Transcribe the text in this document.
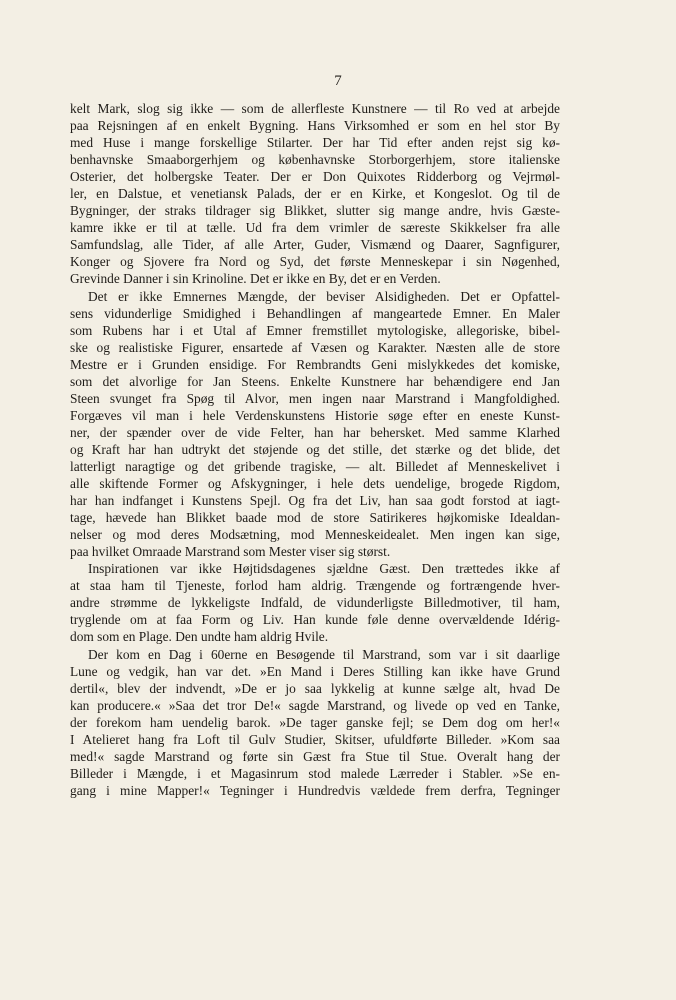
7
kelt Mark, slog sig ikke — som de allerfleste Kunstnere — til Ro ved at arbejde
paa Rejsningen af en enkelt Bygning. Hans Virksomhed er som en hel stor By
med Huse i mange forskellige Stilarter. Der har Tid efter anden rejst sig kø-
benhavnske Smaaborgerhjem og københavnske Storborgerhjem, store italienske
Osterier, det holbergske Teater. Der er Don Quixotes Ridderborg og Vejrmøl-
ler, en Dalstue, et venetiansk Palads, der er en Kirke, et Kongeslot. Og til de
Bygninger, der straks tildrager sig Blikket, slutter sig mange andre, hvis Gæste-
kamre ikke er til at tælle. Ud fra dem vrimler de særeste Skikkelser fra alle
Samfundslag, alle Tider, af alle Arter, Guder, Vismænd og Daarer, Sagnfigurer,
Konger og Sjovere fra Nord og Syd, det første Menneskepar i sin Nøgenhed,
Grevinde Danner i sin Krinoline. Det er ikke en By, det er en Verden.
Det er ikke Emnernes Mængde, der beviser Alsidigheden. Det er Opfattel-
sens vidunderlige Smidighed i Behandlingen af mangeartede Emner. En Maler
som Rubens har i et Utal af Emner fremstillet mytologiske, allegoriske, bibel-
ske og realistiske Figurer, ensartede af Væsen og Karakter. Næsten alle de store
Mestre er i Grunden ensidige. For Rembrandts Geni mislykkedes det komiske,
som det alvorlige for Jan Steens. Enkelte Kunstnere har behændigere end Jan
Steen svunget fra Spøg til Alvor, men ingen naar Marstrand i Mangfoldighed.
Forgæves vil man i hele Verdenskunstens Historie søge efter en eneste Kunst-
ner, der spænder over de vide Felter, han har behersket. Med samme Klarhed
og Kraft har han udtrykt det støjende og det stille, det stærke og det blide, det
latterligt naragtige og det gribende tragiske, — alt. Billedet af Menneskelivet i
alle skiftende Former og Afskygninger, i hele dets uendelige, brogede Rigdom,
har han indfanget i Kunstens Spejl. Og fra det Liv, han saa godt forstod at iagt-
tage, hævede han Blikket baade mod de store Satirikeres højkomiske Idealdan-
nelser og mod deres Modsætning, mod Menneskeidealet. Men ingen kan sige,
paa hvilket Omraade Marstrand som Mester viser sig størst.
Inspirationen var ikke Højtidsdagenes sjældne Gæst. Den trættedes ikke af
at staa ham til Tjeneste, forlod ham aldrig. Trængende og fortrængende hver-
andre strømme de lykkeligste Indfald, de vidunderligste Billedmotiver, til ham,
tryglende om at faa Form og Liv. Han kunde føle denne overvældende Idérig-
dom som en Plage. Den undte ham aldrig Hvile.
Der kom en Dag i 60erne en Besøgende til Marstrand, som var i sit daarlige
Lune og vedgik, han var det. »En Mand i Deres Stilling kan ikke have Grund
dertil«, blev der indvendt, »De er jo saa lykkelig at kunne sælge alt, hvad De
kan producere.« »Saa det tror De!« sagde Marstrand, og livede op ved en Tanke,
der forekom ham uendelig barok. »De tager ganske fejl; se Dem dog om her!«
I Atelieret hang fra Loft til Gulv Studier, Skitser, ufuldførte Billeder. »Kom saa
med!« sagde Marstrand og førte sin Gæst fra Stue til Stue. Overalt hang der
Billeder i Mængde, i et Magasinrum stod malede Lærreder i Stabler. »Se en-
gang i mine Mapper!« Tegninger i Hundredvis vældede frem derfra, Tegninger
